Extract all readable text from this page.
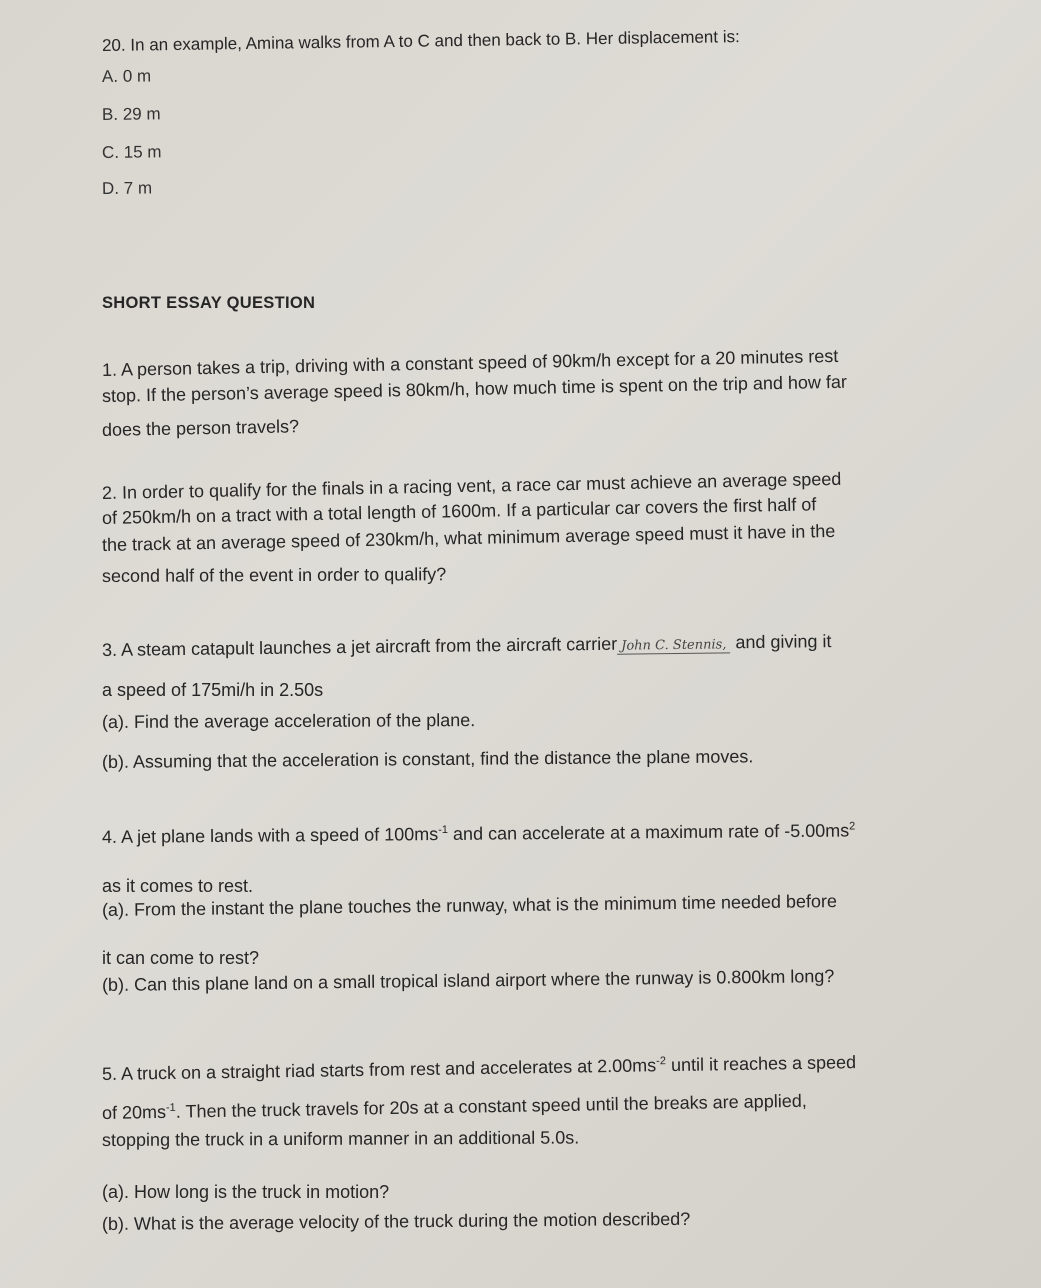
20. In an example, Amina walks from A to C and then back to B. Her displacement is:
A. 0 m
B. 29 m
C. 15 m
D. 7 m
SHORT ESSAY QUESTION
1. A person takes a trip, driving with a constant speed of 90km/h except for a 20 minutes rest
stop. If the person’s average speed is 80km/h, how much time is spent on the trip and how far
does the person travels?
2. In order to qualify for the finals in a racing vent, a race car must achieve an average speed
of 250km/h on a tract with a total length of 1600m. If a particular car covers the first half of
the track at an average speed of 230km/h, what minimum average speed must it have in the
second half of the event in order to qualify?
3. A steam catapult launches a jet aircraft from the aircraft carrier John C. Stennis, and giving it
a speed of 175mi/h in 2.50s
(a). Find the average acceleration of the plane.
(b). Assuming that the acceleration is constant, find the distance the plane moves.
4. A jet plane lands with a speed of $100ms^{-1}$ and can accelerate at a maximum rate of $-5.00ms^2$
as it comes to rest.
(a). From the instant the plane touches the runway, what is the minimum time needed before
it can come to rest?
(b). Can this plane land on a small tropical island airport where the runway is 0.800km long?
5. A truck on a straight riad starts from rest and accelerates at $2.00ms^{-2}$ until it reaches a speed
of $20ms^{-1}$. Then the truck travels for 20s at a constant speed until the breaks are applied,
stopping the truck in a uniform manner in an additional 5.0s.
(a). How long is the truck in motion?
(b). What is the average velocity of the truck during the motion described?
